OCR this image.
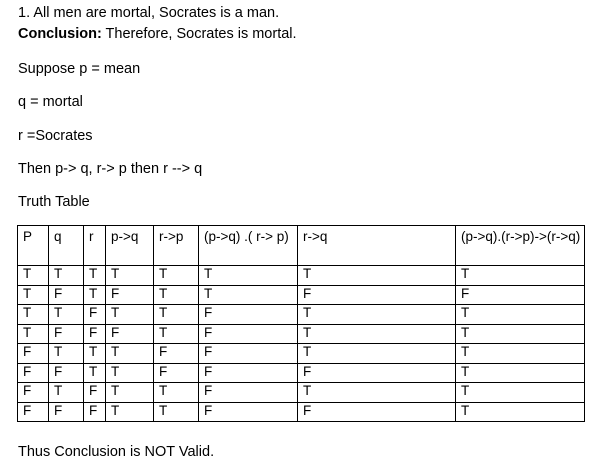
1. All men are mortal, Socrates is a man.
Conclusion: Therefore, Socrates is mortal.
Suppose p = mean
q = mortal
r =Socrates
Then p-> q, r-> p then r --> q
Truth Table
P	q	r	p->q	r->p	(p->q) .( r-> p)	r->q	(p->q).(r->p)->(r->q)
T	T	T	T	T	T	T	T
T	F	T	F	T	T	F	F
T	T	F	T	T	F	T	T
T	F	F	F	T	F	T	T
F	T	T	T	F	F	T	T
F	F	T	T	F	F	F	T
F	T	F	T	T	F	T	T
F	F	F	T	T	F	F	T
Thus Conclusion is NOT Valid.
